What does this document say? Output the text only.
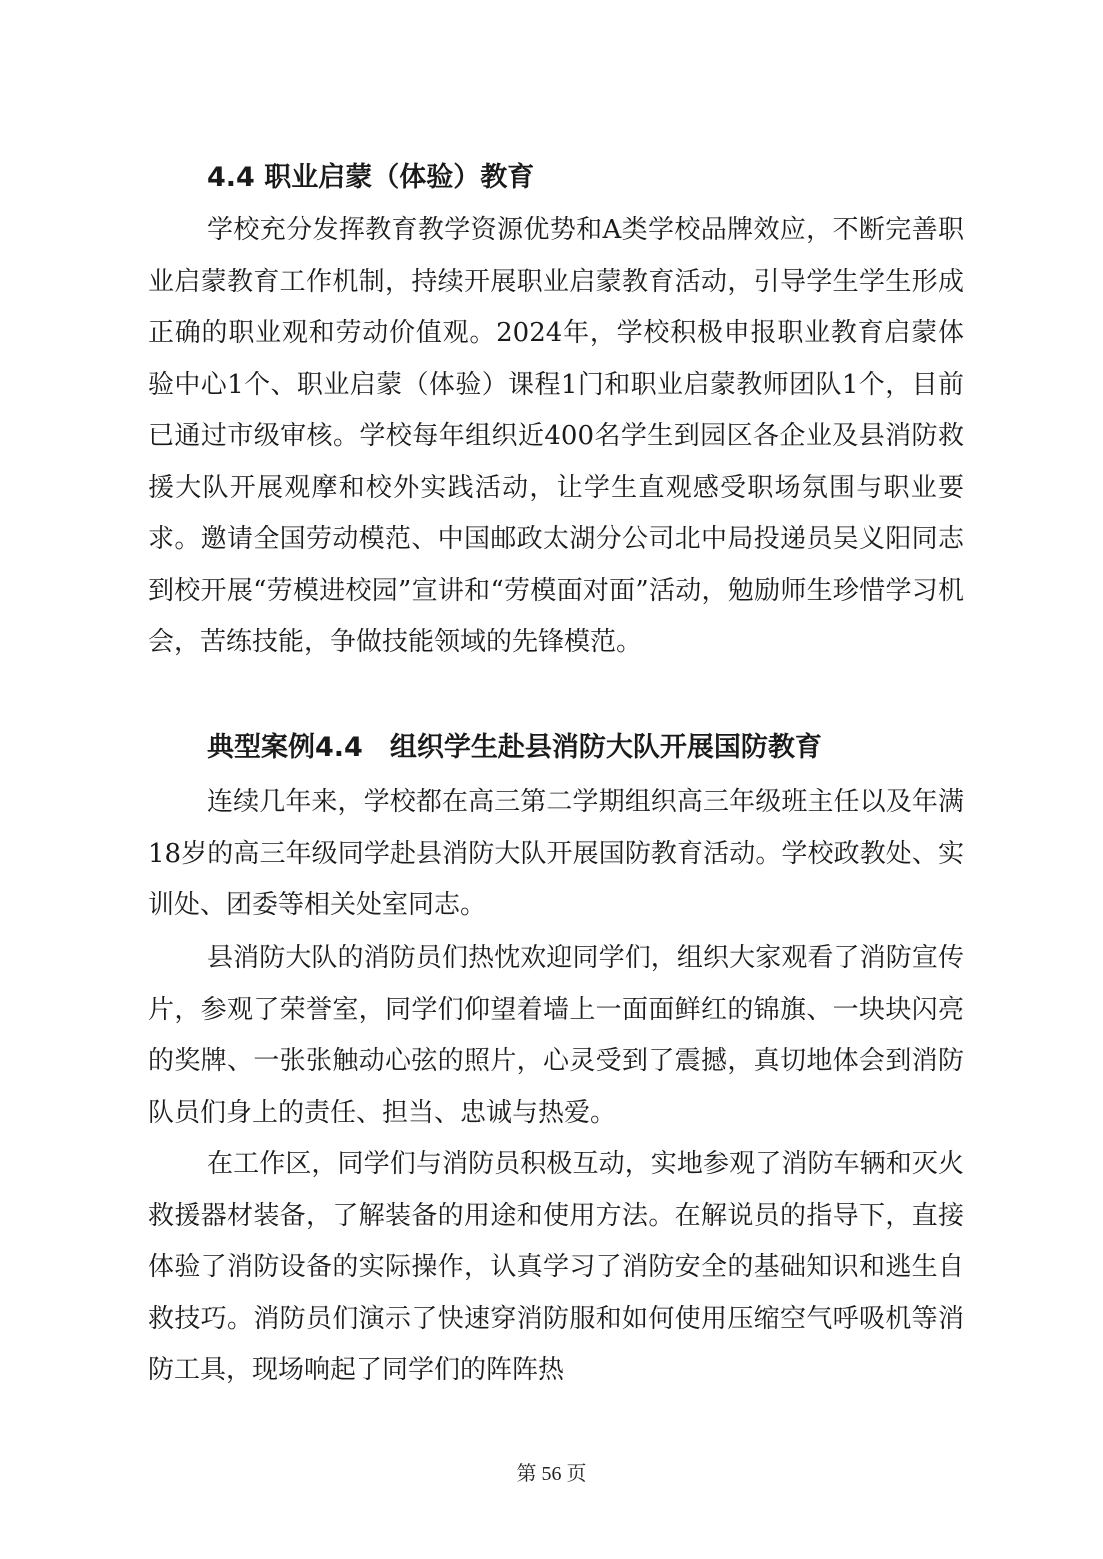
4.4 职业启蒙（体验）教育

学校充分发挥教育教学资源优势和A类学校品牌效应，不断完善职业启蒙教育工作机制，持续开展职业启蒙教育活动，引导学生学生形成正确的职业观和劳动价值观。2024年，学校积极申报职业教育启蒙体验中心1个、职业启蒙（体验）课程1门和职业启蒙教师团队1个，目前已通过市级审核。学校每年组织近400名学生到园区各企业及县消防救援大队开展观摩和校外实践活动，让学生直观感受职场氛围与职业要求。邀请全国劳动模范、中国邮政太湖分公司北中局投递员吴义阳同志到校开展“劳模进校园”宣讲和“劳模面对面”活动，勉励师生珍惜学习机会，苦练技能，争做技能领域的先锋模范。

典型案例4.4　组织学生赴县消防大队开展国防教育

连续几年来，学校都在高三第二学期组织高三年级班主任以及年满18岁的高三年级同学赴县消防大队开展国防教育活动。学校政教处、实训处、团委等相关处室同志。

县消防大队的消防员们热忱欢迎同学们，组织大家观看了消防宣传片，参观了荣誉室，同学们仰望着墙上一面面鲜红的锦旗、一块块闪亮的奖牌、一张张触动心弦的照片，心灵受到了震撼，真切地体会到消防队员们身上的责任、担当、忠诚与热爱。

在工作区，同学们与消防员积极互动，实地参观了消防车辆和灭火救援器材装备，了解装备的用途和使用方法。在解说员的指导下，直接体验了消防设备的实际操作，认真学习了消防安全的基础知识和逃生自救技巧。消防员们演示了快速穿消防服和如何使用压缩空气呼吸机等消防工具，现场响起了同学们的阵阵热

第 56 页
